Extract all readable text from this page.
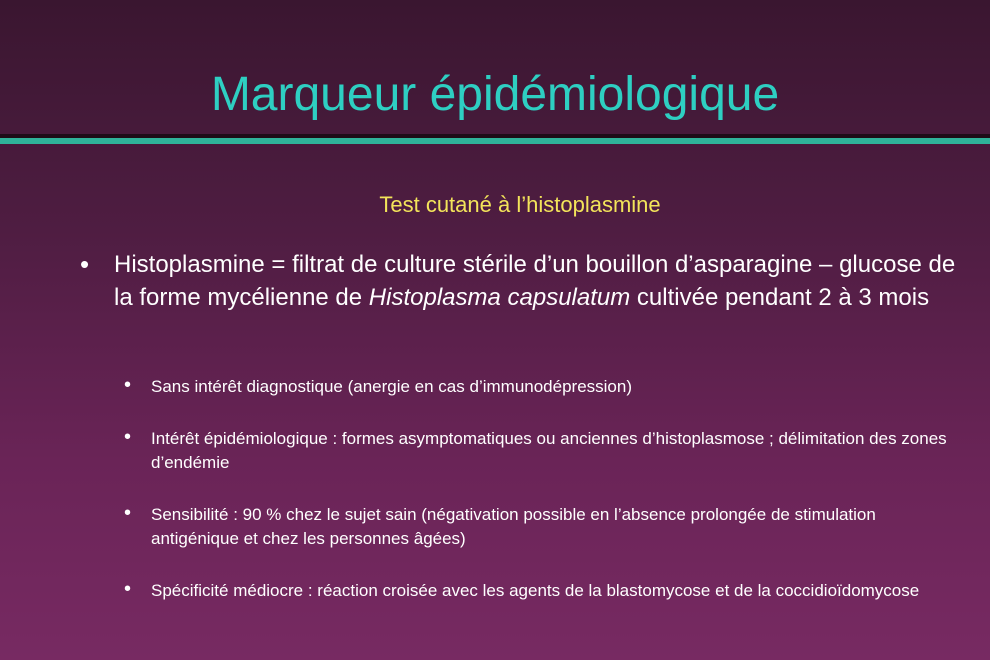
Marqueur épidémiologique
Test cutané à l’histoplasmine
• Histoplasmine = filtrat de culture stérile d’un bouillon d’asparagine – glucose de la forme mycélienne de Histoplasma capsulatum cultivée pendant 2 à 3 mois
• Sans intérêt diagnostique (anergie en cas d’immunodépression)
• Intérêt épidémiologique : formes asymptomatiques ou anciennes d’histoplasmose ; délimitation des zones d’endémie
• Sensibilité : 90 % chez le sujet sain (négativation possible en l’absence prolongée de stimulation antigénique et chez les personnes âgées)
• Spécificité médiocre : réaction croisée avec les agents de la blastomycose et de la coccidioïdomycose
